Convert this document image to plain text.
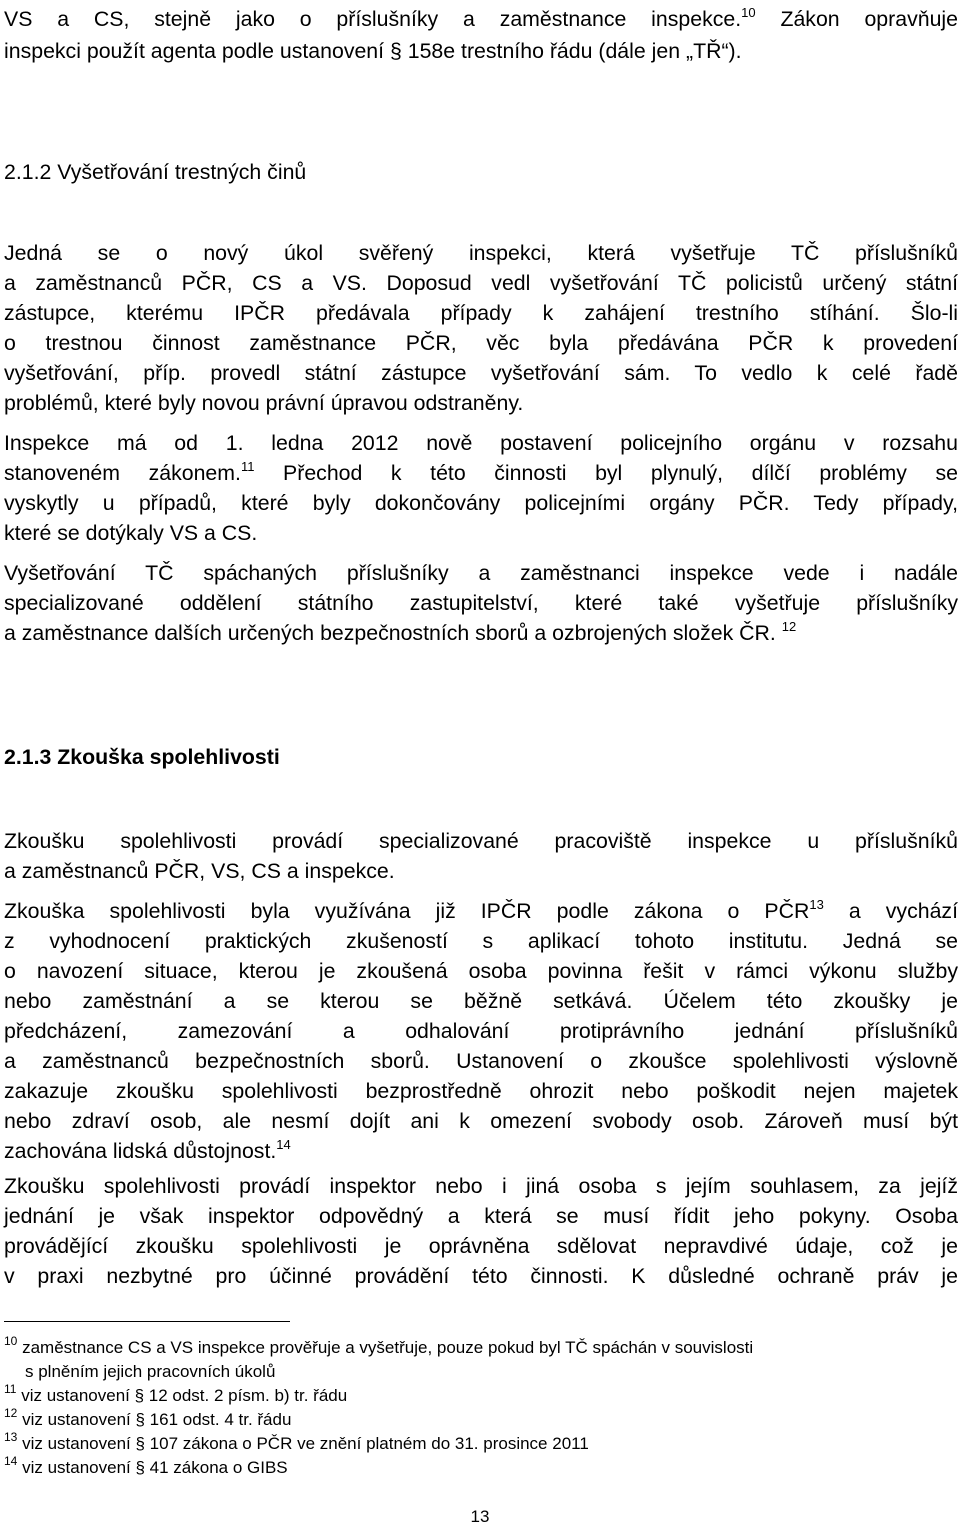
VS a CS, stejně jako o příslušníky a zaměstnance inspekce.$^{10}$ Zákon opravňuje
inspekci použít agenta podle ustanovení § 158e trestního řádu (dále jen „TŘ“).
2.1.2 Vyšetřování trestných činů
Jedná se o nový úkol svěřený inspekci, která vyšetřuje TČ příslušníků
a zaměstnanců PČR, CS a VS. Doposud vedl vyšetřování TČ policistů určený státní
zástupce, kterému IPČR předávala případy k zahájení trestního stíhání. Šlo-li
o trestnou činnost zaměstnance PČR, věc byla předávána PČR k provedení
vyšetřování, příp. provedl státní zástupce vyšetřování sám. To vedlo k celé řadě
problémů, které byly novou právní úpravou odstraněny.
Inspekce má od 1. ledna 2012 nově postavení policejního orgánu v rozsahu
stanoveném zákonem.$^{11}$ Přechod k této činnosti byl plynulý, dílčí problémy se
vyskytly u případů, které byly dokončovány policejními orgány PČR. Tedy případy,
které se dotýkaly VS a CS.
Vyšetřování TČ spáchaných příslušníky a zaměstnanci inspekce vede i nadále
specializované oddělení státního zastupitelství, které také vyšetřuje příslušníky
a zaměstnance dalších určených bezpečnostních sborů a ozbrojených složek ČR. $^{12}$
2.1.3 Zkouška spolehlivosti
Zkoušku spolehlivosti provádí specializované pracoviště inspekce u příslušníků
a zaměstnanců PČR, VS, CS a inspekce.
Zkouška spolehlivosti byla využívána již IPČR podle zákona o PČR$^{13}$ a vychází
z vyhodnocení praktických zkušeností s aplikací tohoto institutu. Jedná se
o navození situace, kterou je zkoušená osoba povinna řešit v rámci výkonu služby
nebo zaměstnání a se kterou se běžně setkává. Účelem této zkoušky je
předcházení, zamezování a odhalování protiprávního jednání příslušníků
a zaměstnanců bezpečnostních sborů. Ustanovení o zkoušce spolehlivosti výslovně
zakazuje zkoušku spolehlivosti bezprostředně ohrozit nebo poškodit nejen majetek
nebo zdraví osob, ale nesmí dojít ani k omezení svobody osob. Zároveň musí být
zachována lidská důstojnost.$^{14}$
Zkoušku spolehlivosti provádí inspektor nebo i jiná osoba s jejím souhlasem, za jejíž
jednání je však inspektor odpovědný a která se musí řídit jeho pokyny. Osoba
provádějící zkoušku spolehlivosti je oprávněna sdělovat nepravdivé údaje, což je
v praxi nezbytné pro účinné provádění této činnosti. K důsledné ochraně práv je
$^{10}$ zaměstnance CS a VS inspekce prověřuje a vyšetřuje, pouze pokud byl TČ spáchán v souvislosti
s plněním jejich pracovních úkolů
$^{11}$ viz ustanovení § 12 odst. 2 písm. b) tr. řádu
$^{12}$ viz ustanovení § 161 odst. 4 tr. řádu
$^{13}$ viz ustanovení § 107 zákona o PČR ve znění platném do 31. prosince 2011
$^{14}$ viz ustanovení § 41 zákona o GIBS
13
